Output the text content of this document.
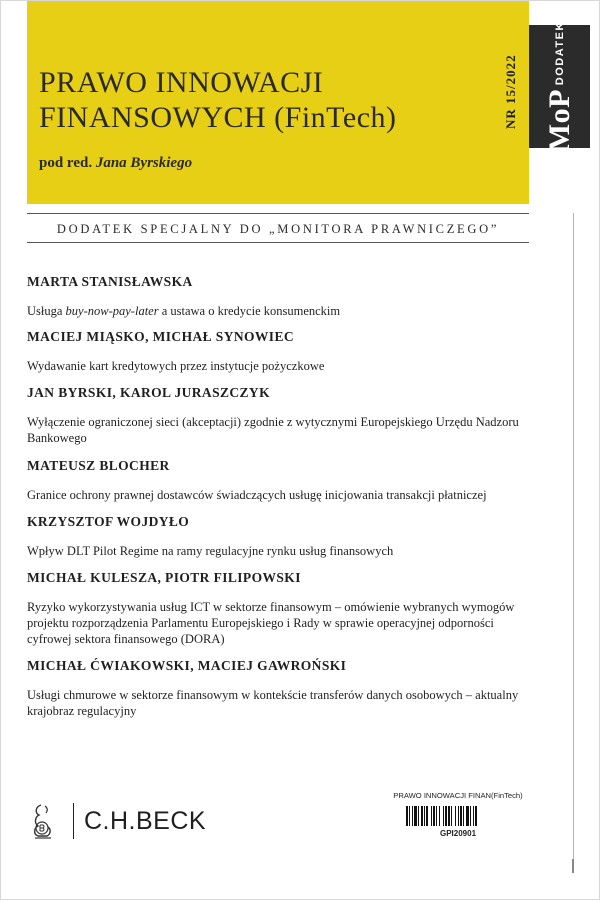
PRAWO INNOWACJI
FINANSOWYCH (FinTech)
pod red. Jana Byrskiego
NR 15/2022 MoP
DODATEK
DODATEK SPECJALNY DO „MONITORA PRAWNICZEGO”
MARTA STANISŁAWSKA
Usługa buy-now-pay-later a ustawa o kredycie konsumenckim
MACIEJ MIĄSKO, MICHAŁ SYNOWIEC
Wydawanie kart kredytowych przez instytucje pożyczkowe
JAN BYRSKI, KAROL JURASZCZYK
Wyłączenie ograniczonej sieci (akceptacji) zgodnie z wytycznymi Europejskiego Urzędu Nadzoru Bankowego
MATEUSZ BLOCHER
Granice ochrony prawnej dostawców świadczących usługę inicjowania transakcji płatniczej
KRZYSZTOF WOJDYŁO
Wpływ DLT Pilot Regime na ramy regulacyjne rynku usług finansowych
MICHAŁ KULESZA, PIOTR FILIPOWSKI
Ryzyko wykorzystywania usług ICT w sektorze finansowym – omówienie wybranych wymogów projektu rozporządzenia Parlamentu Europejskiego i Rady w sprawie operacyjnej odporności cyfrowej sektora finansowego (DORA)
MICHAŁ ĆWIAKOWSKI, MACIEJ GAWROŃSKI
Usługi chmurowe w sektorze finansowym w kontekście transferów danych osobowych – aktualny krajobraz regulacyjny
C.H.BECK
PRAWO INNOWACJI FINAN(FinTech)
GPI20901
